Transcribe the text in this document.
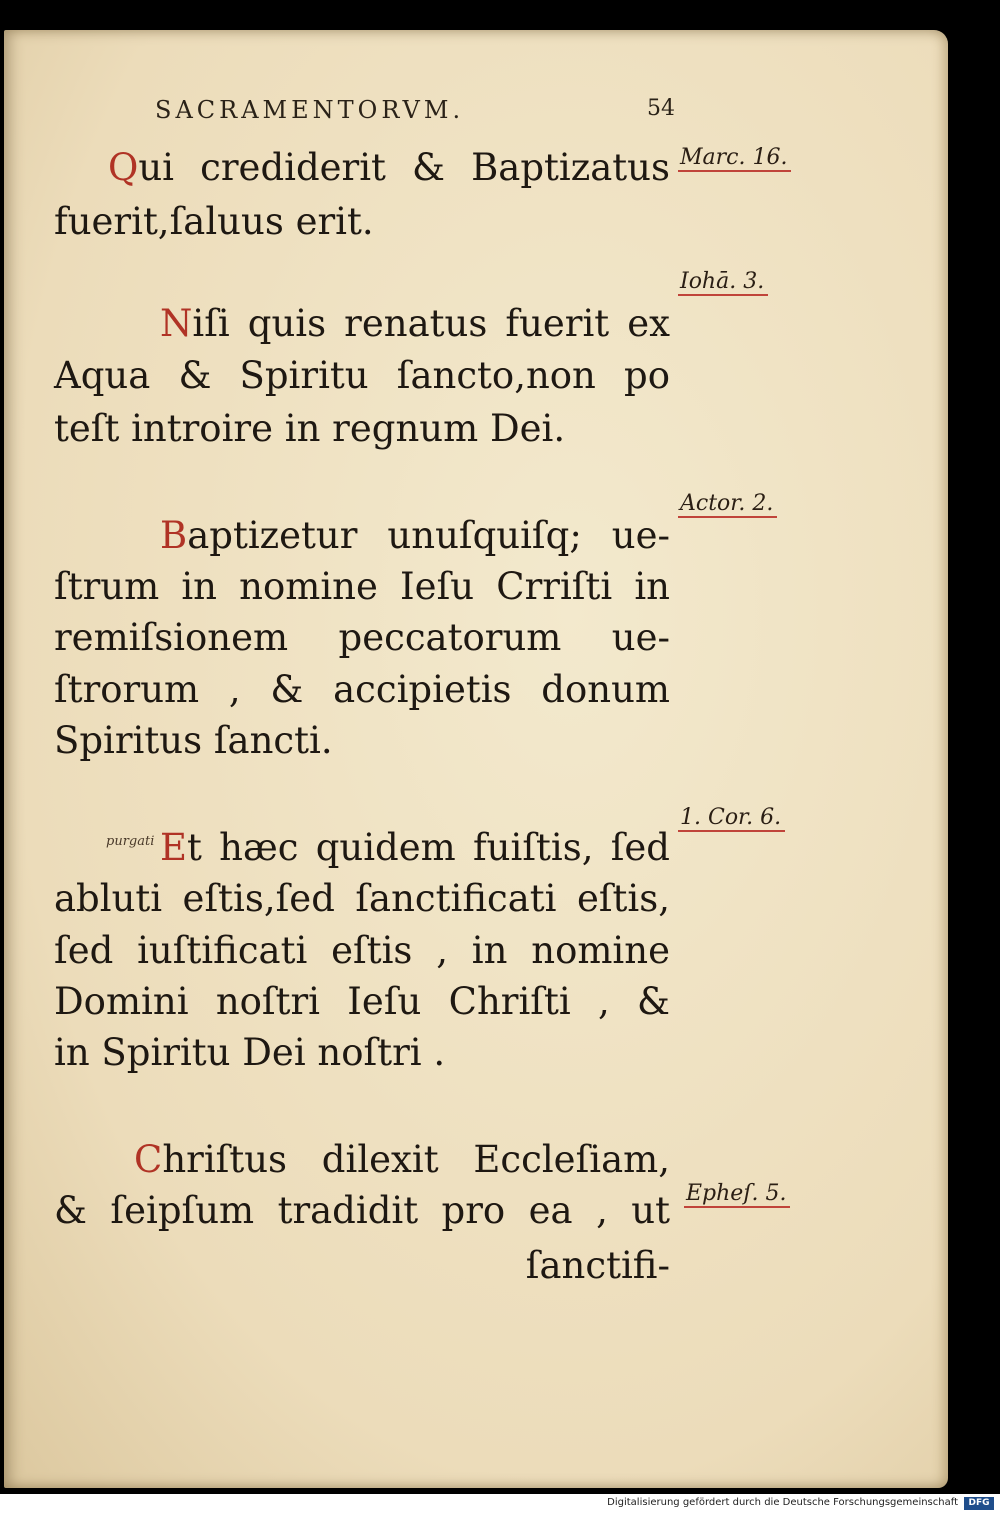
SACRAMENTORVM.	54
Qui crediderit & Baptizatus
fuerit,ſaluus erit.
Marc. 16.
Niſi quis renatus fuerit ex
Aqua & Spiritu ſancto,non po
teſt introire in regnum Dei.
Iohā. 3.
Baptizetur unuſquiſq; ue-
ſtrum in nomine Ieſu Crriſti in
remiſsionem peccatorum ue-
ſtrorum , & accipietis donum
Spiritus ſancti.
Actor. 2.
purgati Et hæc quidem fuiſtis, ſed
abluti eſtis,ſed ſanctificati eſtis,
ſed iuſtificati eſtis , in nomine
Domini noſtri Ieſu Chriſti , &
in Spiritu Dei noſtri .
1. Cor. 6.
Chriſtus dilexit Eccleſiam,
& ſeipſum tradidit pro ea , ut
ſanctifi-
Epheſ. 5.
Digitalisierung gefördert durch die Deutsche Forschungsgemeinschaft	DFG
